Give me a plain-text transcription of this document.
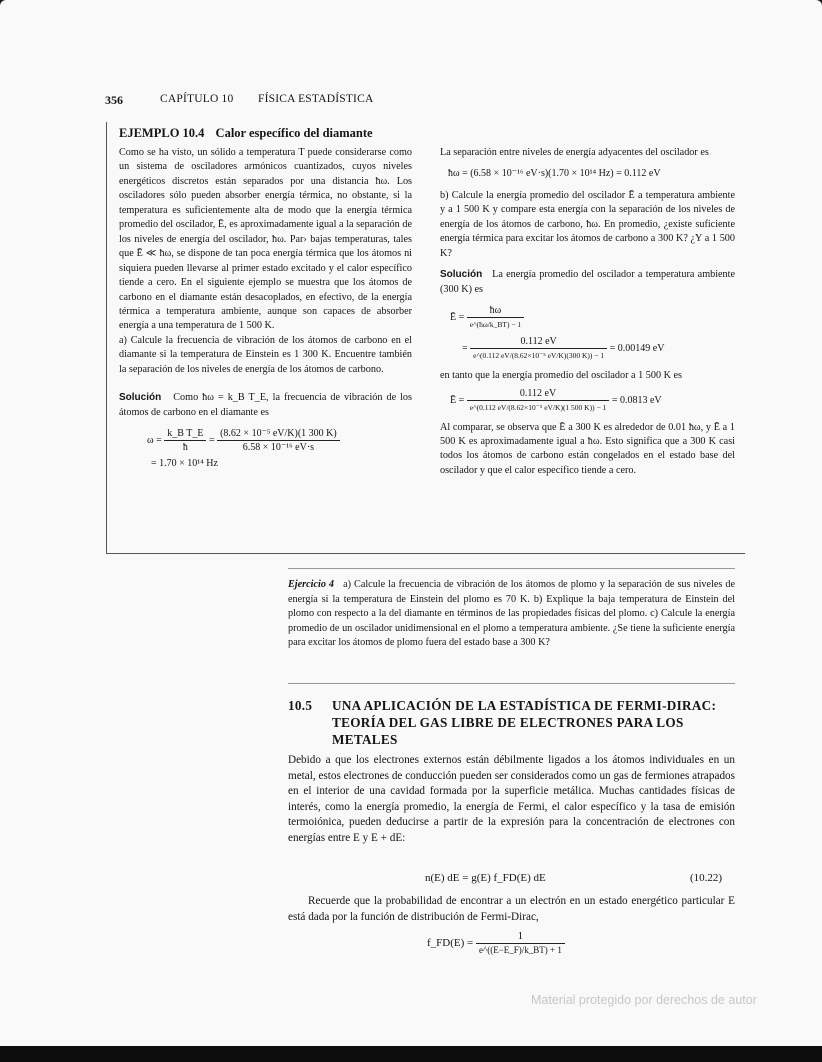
356	CAPÍTULO 10 FÍSICA ESTADÍSTICA
EJEMPLO 10.4 Calor específico del diamante

Como se ha visto, un sólido a temperatura T puede considerarse como un sistema de osciladores armónicos cuantizados, cuyos niveles energéticos discretos están separados por una distancia ħω. Los osciladores sólo pueden absorber energía térmica, no obstante, si la temperatura es suficientemente alta de modo que la energía térmica promedio del oscilador, Ē, es aproximadamente igual a la separación de los niveles de energía del oscilador, ħω. Par› bajas temperaturas, tales que Ē ≪ ħω, se dispone de tan poca energía térmica que los átomos ni siquiera pueden llevarse al primer estado excitado y el calor específico tiende a cero. En el siguiente ejemplo se muestra que los átomos de carbono en el diamante están desacoplados, en efectivo, de la energía térmica a temperatura ambiente, aunque son capaces de absorber energía a una temperatura de 1 500 K.

a) Calcule la frecuencia de vibración de los átomos de carbono en el diamante si la temperatura de Einstein es 1 300 K. Encuentre también la separación de los niveles de energía de los átomos de carbono.

Solución Como ħω = k_B T_E, la frecuencia de vibración de los átomos de carbono en el diamante es

$\omega = \frac{\text{k\_B T\_E}}{ħ} = \frac{\text{(8.62 × 10⁻⁵ eV/K)(1 300 K)}}{\text{6.58 × 10⁻¹⁶ eV·s}}$
= 1.70 × 10¹⁴ Hz

La separación entre niveles de energía adyacentes del oscilador es

ħω = (6.58 × 10⁻¹⁶ eV·s)(1.70 × 10¹⁴ Hz) = 0.112 eV

b) Calcule la energía promedio del oscilador Ē a temperatura ambiente y a 1 500 K y compare esta energía con la separación de los niveles de energía de los átomos de carbono, ħω. En promedio, ¿existe suficiente energía térmica para excitar los átomos de carbono a 300 K? ¿Y a 1 500 K?

Solución La energía promedio del oscilador a temperatura ambiente (300 K) es

Ē = $\frac{ħ\omega}{e\^{}(ħ\omega/k\_BT) - 1}$
= $\frac{0.112 eV}{\text{e\textasciicircum{}(0.112 eV/(8.62×10⁻⁵ eV/K)(300 K)) − 1}} = 0.00149$ eV

en tanto que la energía promedio del oscilador a 1 500 K es

Ē = $\frac{0.112 eV}{\text{e\textasciicircum{}(0.112 eV/(8.62×10⁻⁵ eV/K)(1 500 K)) − 1}} = 0.0813$ eV

Al comparar, se observa que Ē a 300 K es alrededor de 0.01 ħω, y Ē a 1 500 K es aproximadamente igual a ħω. Esto significa que a 300 K casi todos los átomos de carbono están congelados en el estado base del oscilador y que el calor específico tiende a cero.

Ejercicio 4 a) Calcule la frecuencia de vibración de los átomos de plomo y la separación de sus niveles de energía si la temperatura de Einstein del plomo es 70 K. b) Explique la baja temperatura de Einstein del plomo con respecto a la del diamante en términos de las propiedades físicas del plomo. c) Calcule la energía promedio de un oscilador unidimensional en el plomo a temperatura ambiente. ¿Se tiene la suficiente energía para excitar los átomos de plomo fuera del estado base a 300 K?
10.5 UNA APLICACIÓN DE LA ESTADÍSTICA DE FERMI-DIRAC: TEORÍA DEL GAS LIBRE DE ELECTRONES PARA LOS METALES
Debido a que los electrones externos están débilmente ligados a los átomos individuales en un metal, estos electrones de conducción pueden ser considerados como un gas de fermiones atrapados en el interior de una cavidad formada por la superficie metálica. Muchas cantidades físicas de interés, como la energía promedio, la energía de Fermi, el calor específico y la tasa de emisión termoiónica, pueden deducirse a partir de la expresión para la concentración de electrones con energías entre E y E + dE:
n(E) dE = g(E) f_FD(E) dE	(10.22)
Recuerde que la probabilidad de encontrar a un electrón en un estado energético particular E está dada por la función de distribución de Fermi-Dirac,
f_FD(E) = $\frac{1}{e\^{}((E-E\_F)/k\_BT) + 1}$
Material protegido por derechos de autor
